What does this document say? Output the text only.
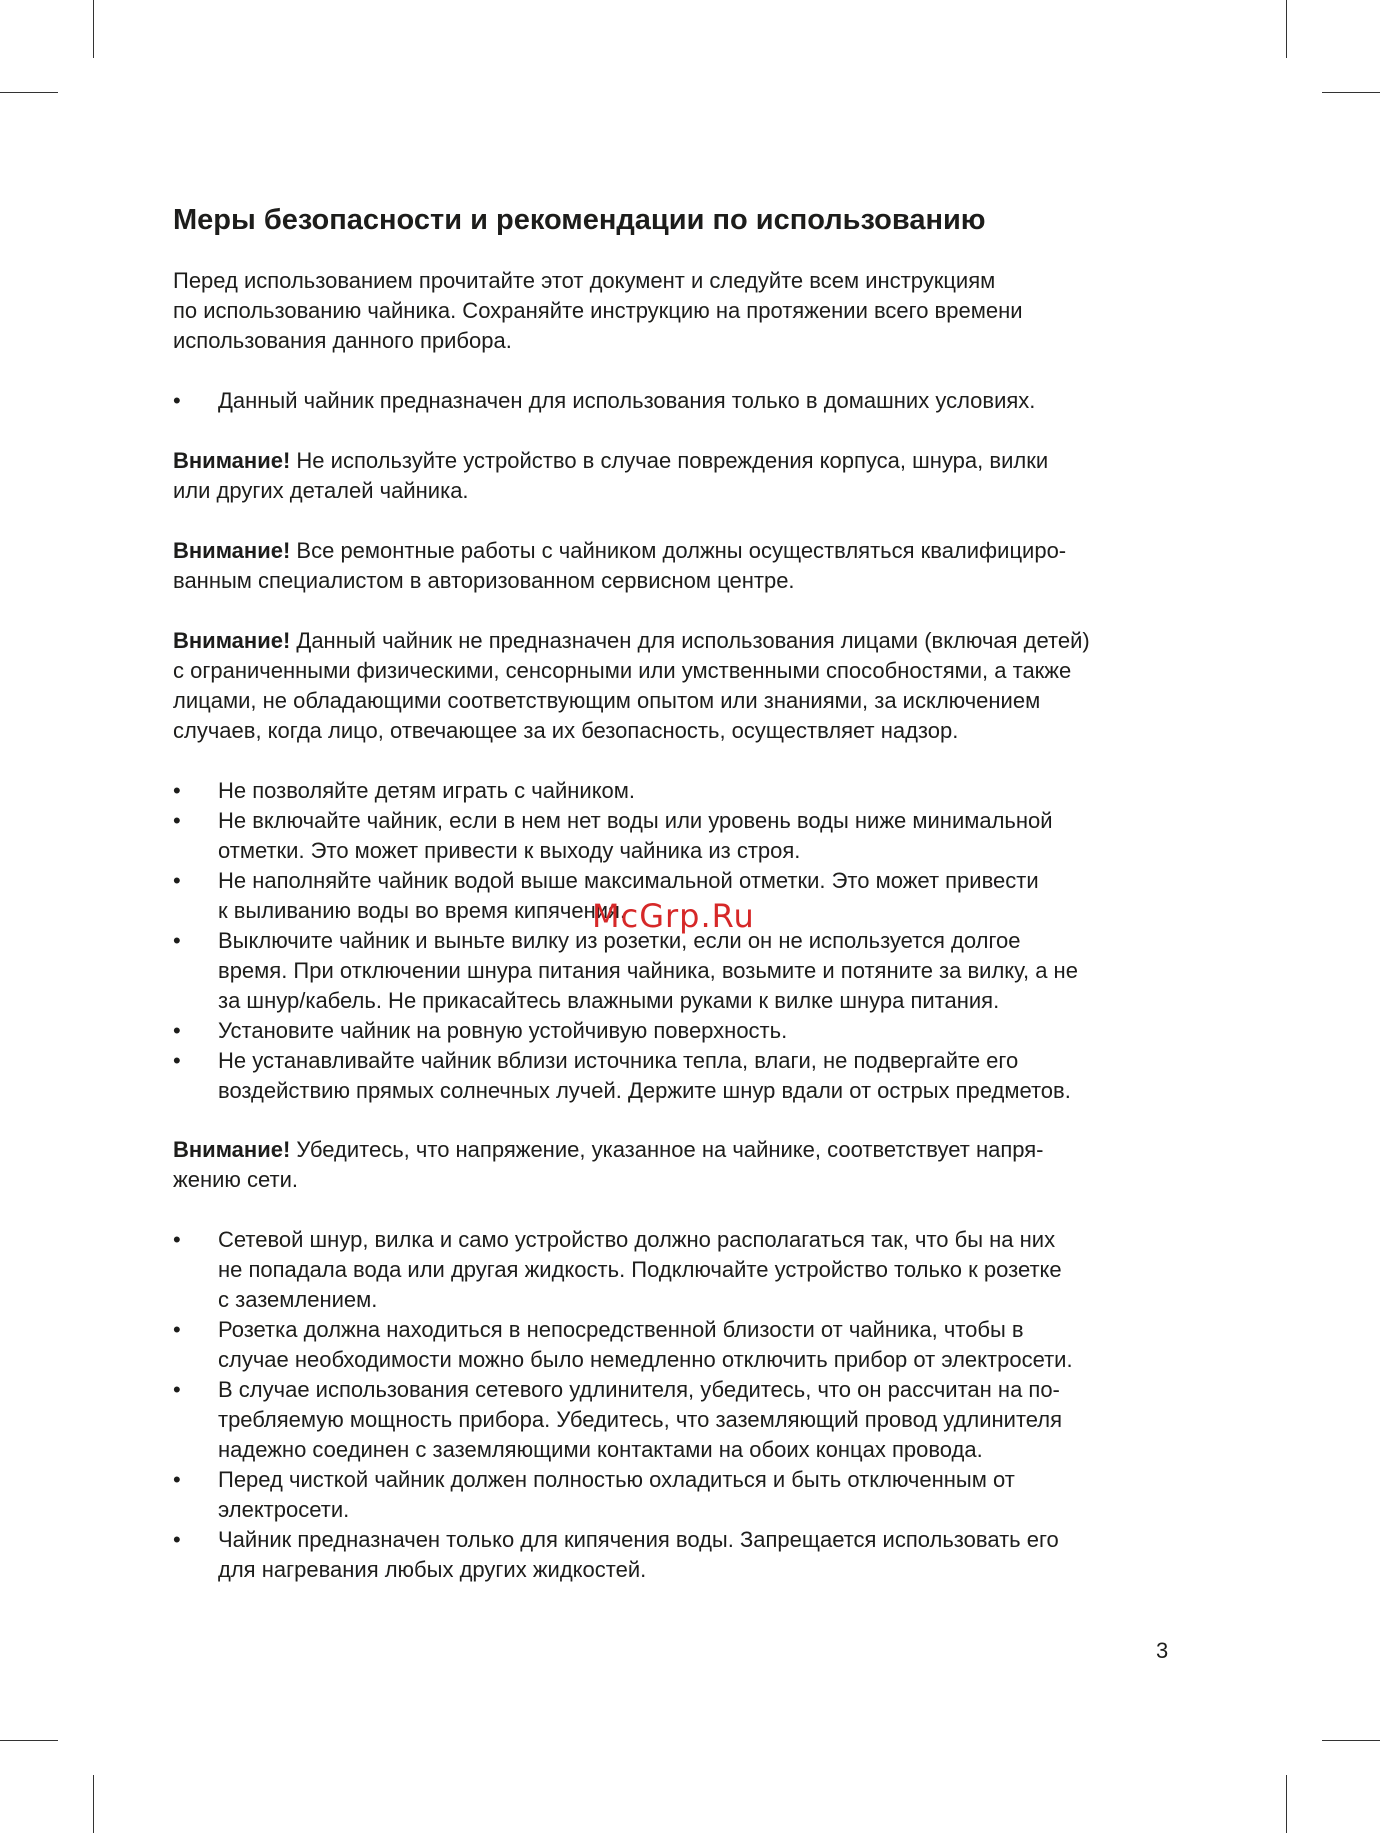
Меры безопасности и рекомендации по использованию

Перед использованием прочитайте этот документ и следуйте всем инструкциям
по использованию чайника. Сохраняйте инструкцию на протяжении всего времени
использования данного прибора.

• Данный чайник предназначен для использования только в домашних условиях.

Внимание! Не используйте устройство в случае повреждения корпуса, шнура, вилки
или других деталей чайника.

Внимание! Все ремонтные работы с чайником должны осуществляться квалифициро-
ванным специалистом в авторизованном сервисном центре.

Внимание! Данный чайник не предназначен для использования лицами (включая детей)
с ограниченными физическими, сенсорными или умственными способностями, а также
лицами, не обладающими соответствующим опытом или знаниями, за исключением
случаев, когда лицо, отвечающее за их безопасность, осуществляет надзор.

• Не позволяйте детям играть с чайником.
• Не включайте чайник, если в нем нет воды или уровень воды ниже минимальной
отметки. Это может привести к выходу чайника из строя.
• Не наполняйте чайник водой выше максимальной отметки. Это может привести
к выливанию воды во время кипячения.
• Выключите чайник и выньте вилку из розетки, если он не используется долгое
время. При отключении шнура питания чайника, возьмите и потяните за вилку, а не
за шнур/кабель. Не прикасайтесь влажными руками к вилке шнура питания.
• Установите чайник на ровную устойчивую поверхность.
• Не устанавливайте чайник вблизи источника тепла, влаги, не подвергайте его
воздействию прямых солнечных лучей. Держите шнур вдали от острых предметов.

Внимание! Убедитесь, что напряжение, указанное на чайнике, соответствует напря-
жению сети.

• Сетевой шнур, вилка и само устройство должно располагаться так, что бы на них
не попадала вода или другая жидкость. Подключайте устройство только к розетке
с заземлением.
• Розетка должна находиться в непосредственной близости от чайника, чтобы в
случае необходимости можно было немедленно отключить прибор от электросети.
• В случае использования сетевого удлинителя, убедитесь, что он рассчитан на по-
требляемую мощность прибора. Убедитесь, что заземляющий провод удлинителя
надежно соединен с заземляющими контактами на обоих концах провода.
• Перед чисткой чайник должен полностью охладиться и быть отключенным от
электросети.
• Чайник предназначен только для кипячения воды. Запрещается использовать его
для нагревания любых других жидкостей.
McGrp.Ru
3
